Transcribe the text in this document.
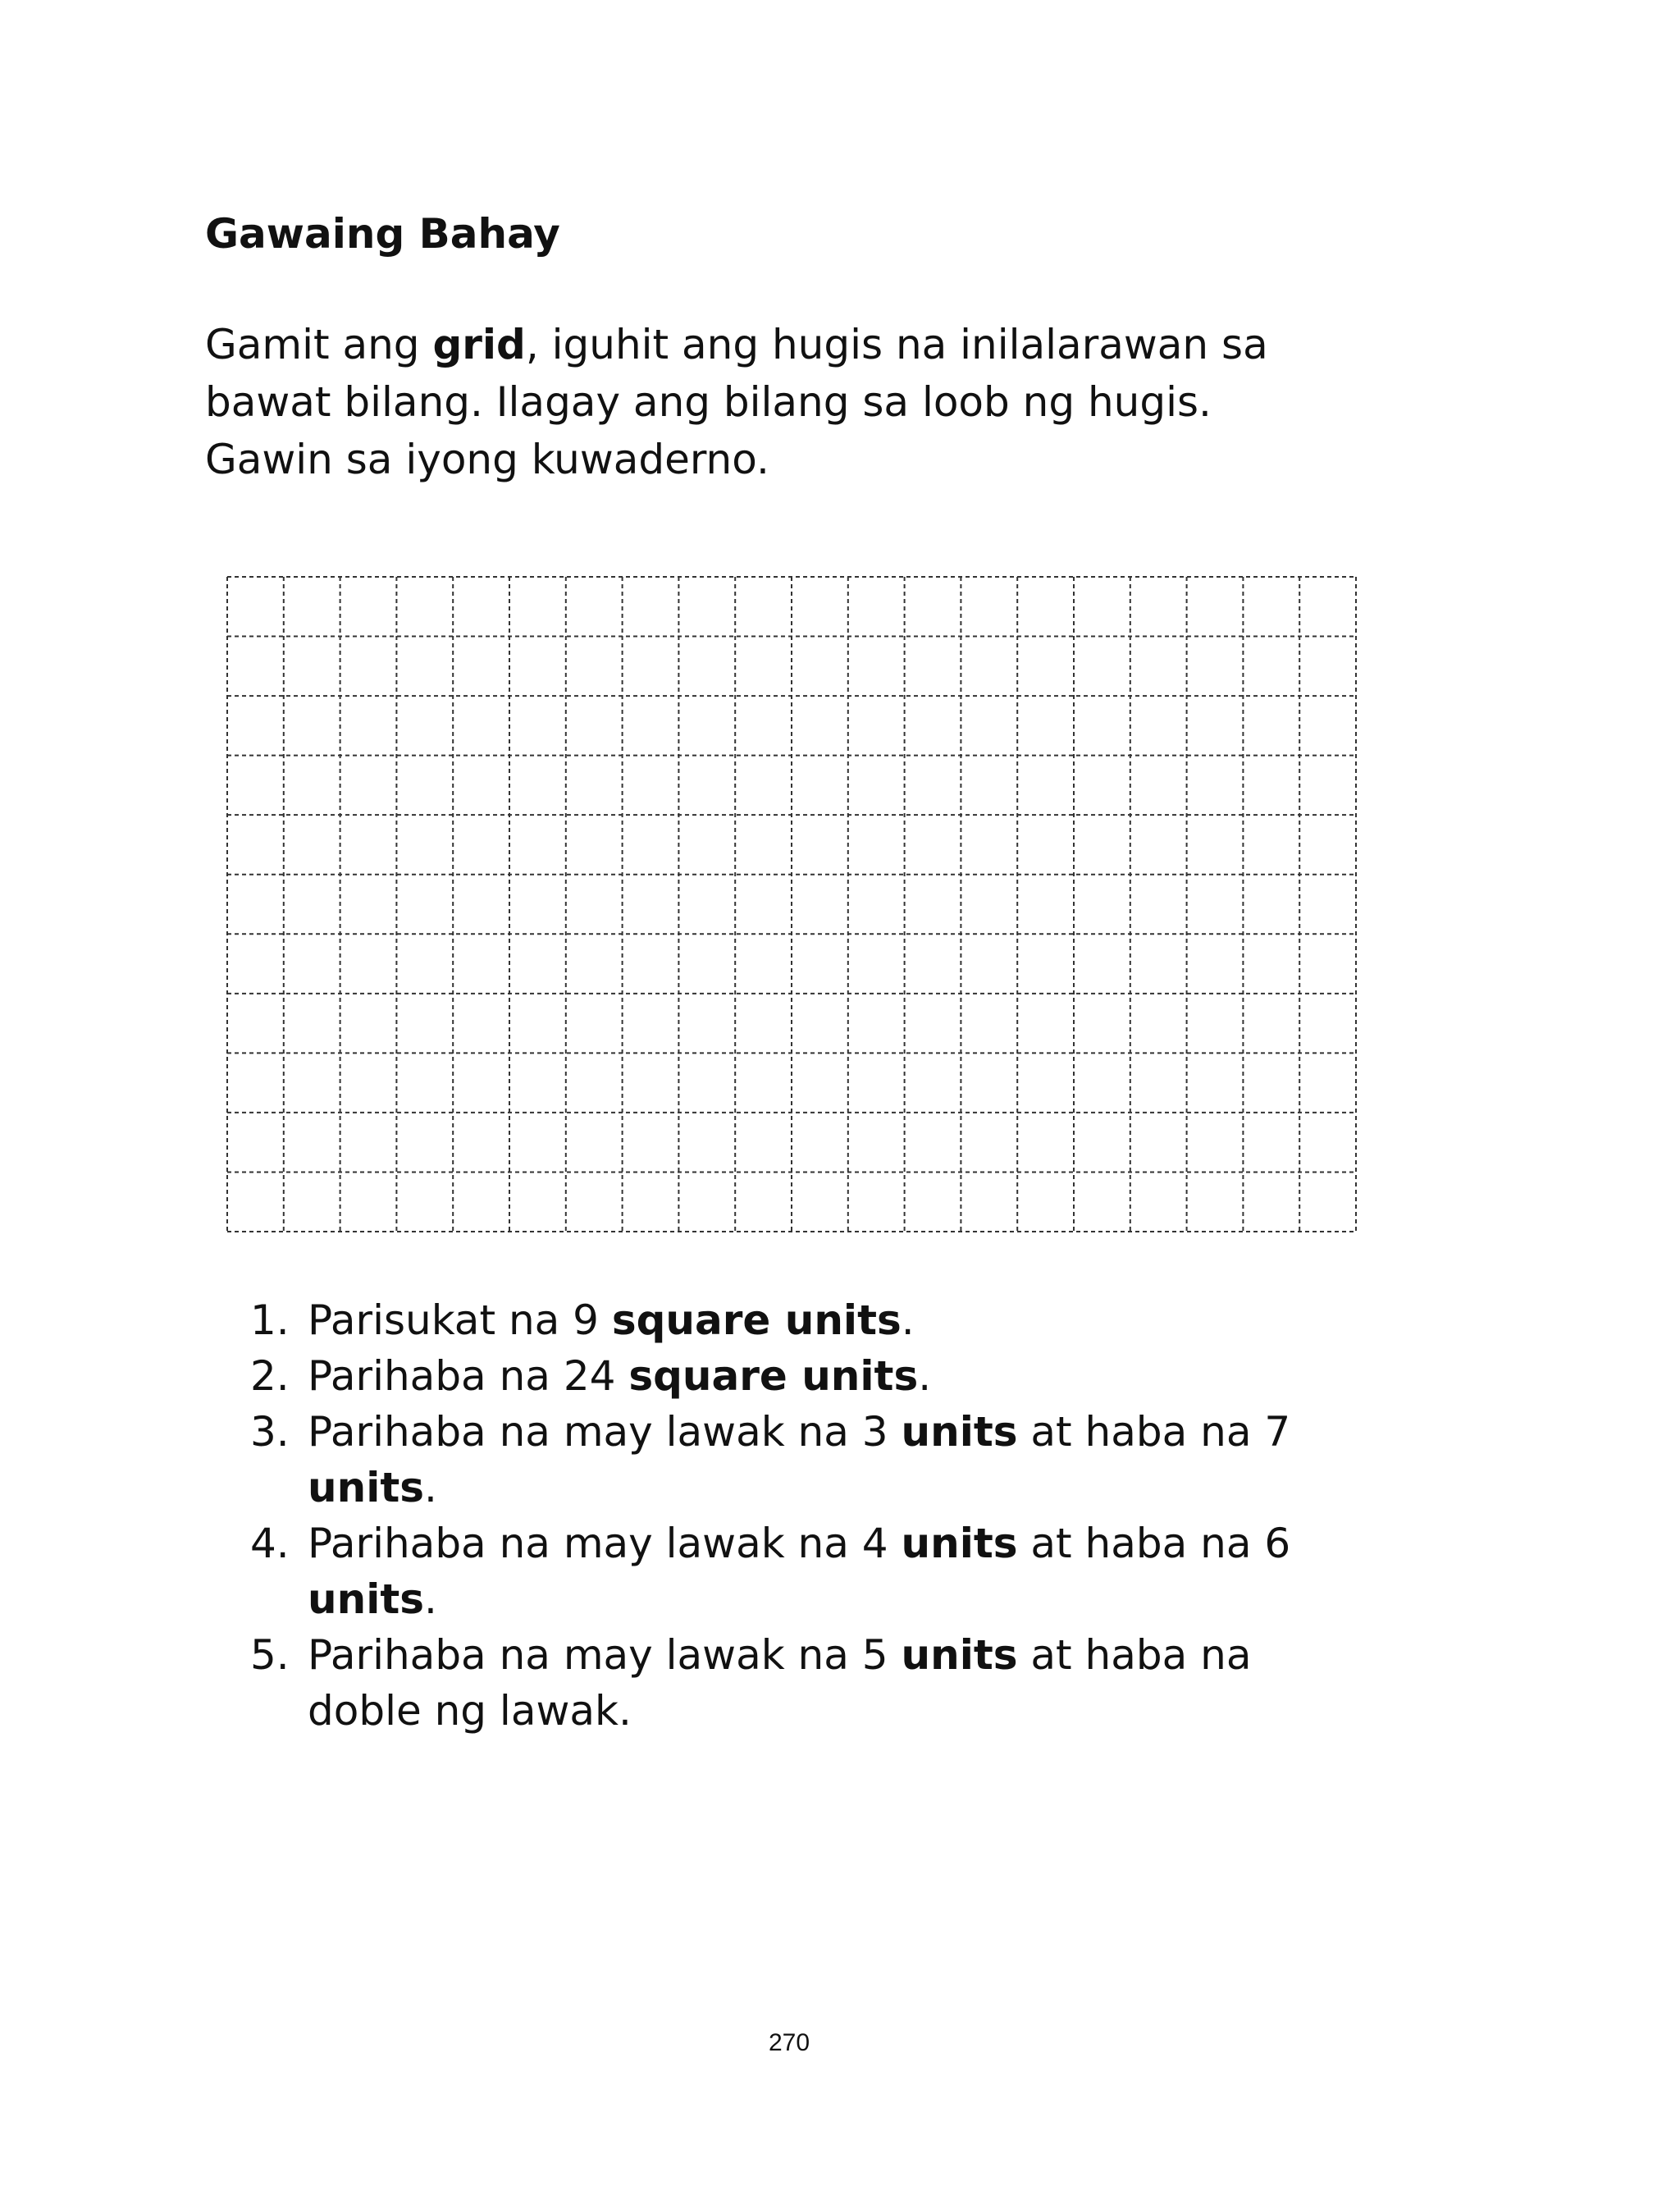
Gawaing Bahay

Gamit ang grid, iguhit ang hugis na inilalarawan sa
bawat bilang. Ilagay ang bilang sa loob ng hugis.
Gawin sa iyong kuwaderno.

1. Parisukat na 9 square units.
2. Parihaba na 24 square units.
3. Parihaba na may lawak na 3 units at haba na 7
units.
4. Parihaba na may lawak na 4 units at haba na 6
units.
5. Parihaba na may lawak na 5 units at haba na
doble ng lawak.
270
